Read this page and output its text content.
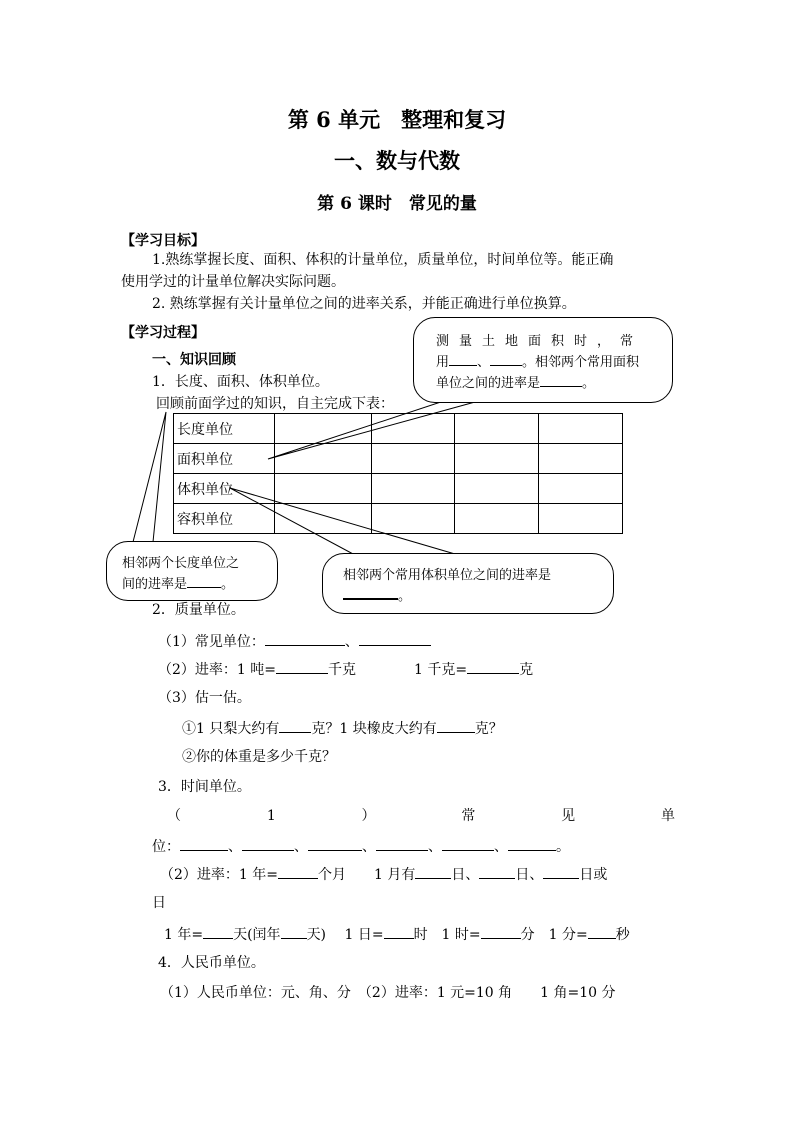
第 6 单元　整理和复习
一、数与代数
第 6 课时　常见的量
【学习目标】
1.熟练掌握长度、面积、体积的计量单位，质量单位，时间单位等。能正确
使用学过的计量单位解决实际问题。
2. 熟练掌握有关计量单位之间的进率关系，并能正确进行单位换算。
【学习过程】
一、知识回顾
1．长度、面积、体积单位。
回顾前面学过的知识，自主完成下表：
长度单位				
面积单位				
体积单位				
容积单位				
测量土地面积时，常
用 、 。相邻两个常用面积
单位之间的进率是	。
相邻两个长度单位之
间的进率是	。
相邻两个常用体积单位之间的进率是
。
2．质量单位。
（1）常见单位：	、
（2）进率：1 吨=	千克	1 千克=	克
（3）估一估。
①1 只梨大约有 克？1 块橡皮大约有	克？
②你的体重是多少千克？
3．时间单位。
（	1	）	常	见	单
位：	、	、	、	、	、	。
（2）进率：1 年=	个月　　1 月有	日、	日、	日或
日
1 年= 天(闰年 天)　 1 日= 时　1 时=	分　1 分= 秒
4．人民币单位。
（1）人民币单位：元、角、分　（2）进率：1 元=10 角　　1 角=10 分
